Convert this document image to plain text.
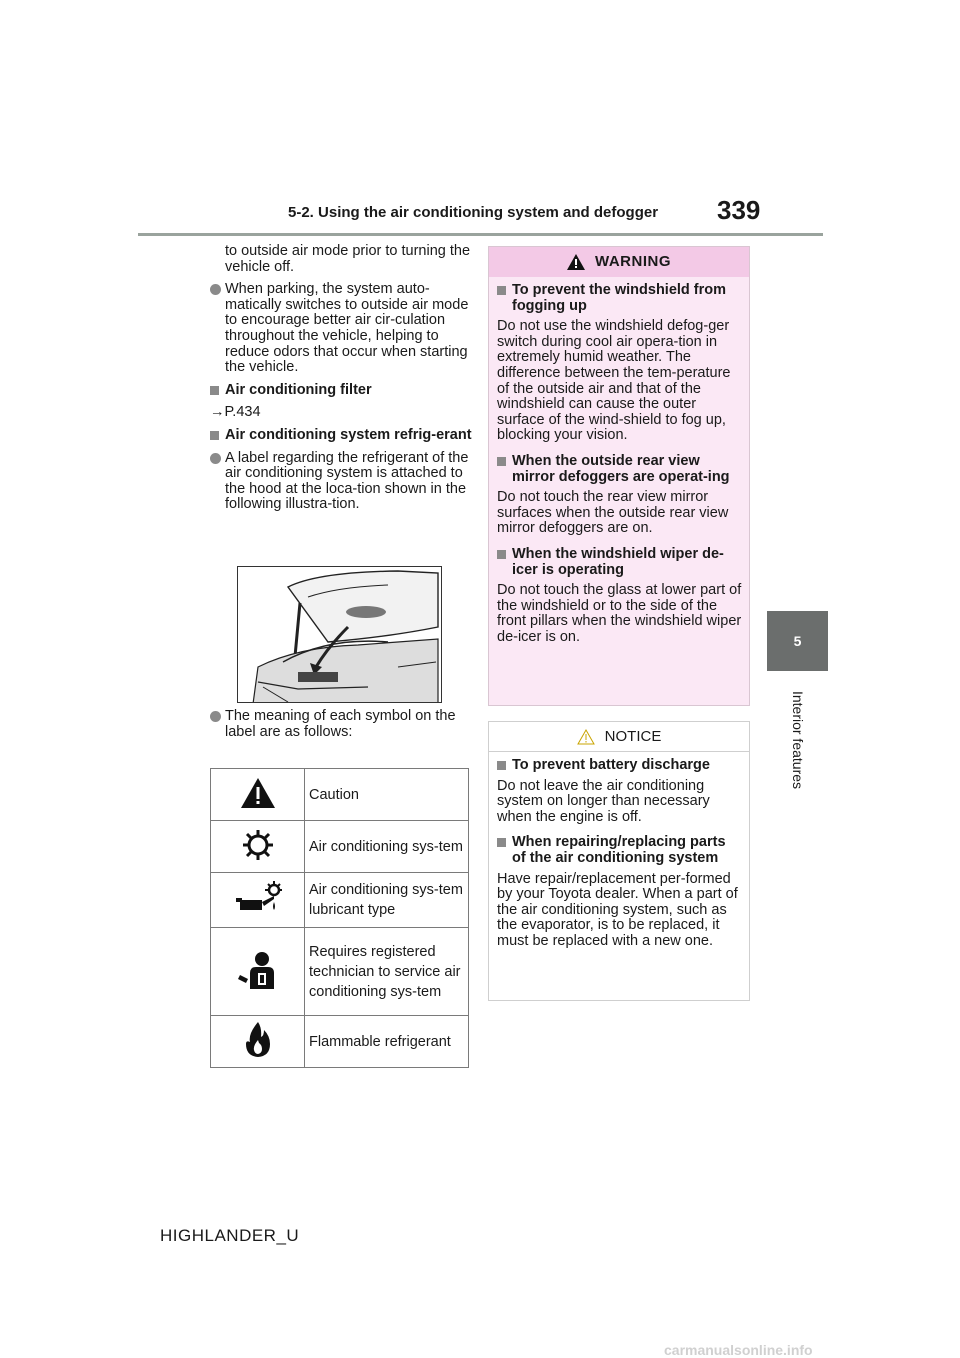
5-2. Using the air conditioning system and defogger 339
5
Interior features
to outside air mode prior to turning the vehicle off.
When parking, the system auto-matically switches to outside air mode to encourage better air cir-culation throughout the vehicle, helping to reduce odors that occur when starting the vehicle.
Air conditioning filter
→P.434
Air conditioning system refrig-erant
A label regarding the refrigerant of the air conditioning system is attached to the hood at the loca-tion shown in the following illustra-tion.
The meaning of each symbol on the label are as follows:
	Caution
	Air conditioning sys-tem
	Air conditioning sys-tem lubricant type
	Requires registered technician to service air conditioning sys-tem
	Flammable refrigerant
WARNING
To prevent the windshield from fogging up
Do not use the windshield defog-ger switch during cool air opera-tion in extremely humid weather. The difference between the tem-perature of the outside air and that of the windshield can cause the outer surface of the wind-shield to fog up, blocking your vision.
When the outside rear view mirror defoggers are operat-ing
Do not touch the rear view mirror surfaces when the outside rear view mirror defoggers are on.
When the windshield wiper de-icer is operating
Do not touch the glass at lower part of the windshield or to the side of the front pillars when the windshield wiper de-icer is on.
NOTICE
To prevent battery discharge
Do not leave the air conditioning system on longer than necessary when the engine is off.
When repairing/replacing parts of the air conditioning system
Have repair/replacement per-formed by your Toyota dealer. When a part of the air conditioning system, such as the evaporator, is to be replaced, it must be replaced with a new one.
HIGHLANDER_U
carmanualsonline.info
